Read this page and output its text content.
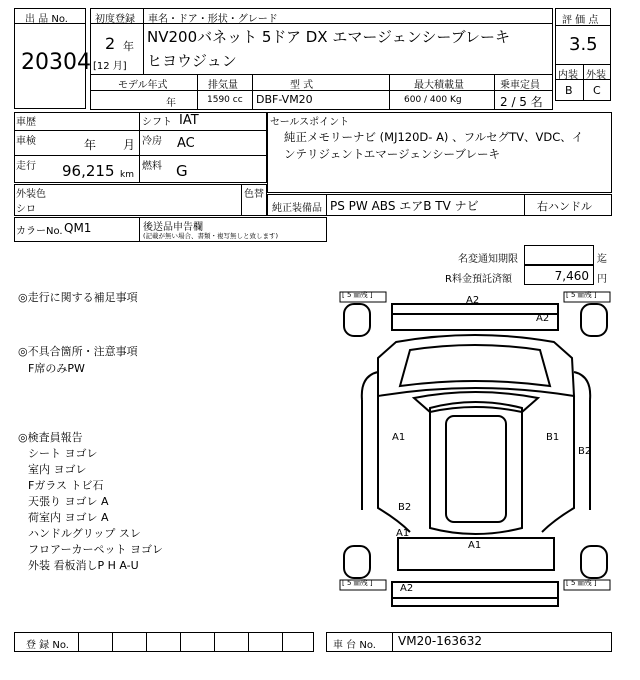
出 品 No.
20304
初度登録
2 年
[12 月]
車名・ドア・形状・グレード
NV200バネット 5ドア DX エマージェンシーブレーキ
ヒヨウジュン
評 価 点
3.5
内装 外装
B C
モデル年式	排気量	型 式	最大積載量	乗車定員
年	1590 cc DBF-VM20	600 / 400 Kg	2 / 5 名
車歴	シフト IAT
車検	年 月 冷房 AC
走行 96,215 km
燃料 G
外装色
シロ
色替
カラーNo. QM1	後送品申告欄
(記載が無い場合、書類・複写無しと致します)
セールスポイント
純正メモリーナビ (MJ120D- A) 、フルセグTV、VDC、イ
ンテリジェントエマージェンシーブレーキ
純正装備品 PS PW ABS エアB TV ナビ	右ハンドル
名変通知期限	迄
R料金預託済額	7,460 円
◎走行に関する補足事項
◎不具合箇所・注意事項
F席のみPW
◎検査員報告
シート ヨゴレ
室内 ヨゴレ
Fガラス トビ石
天張り ヨゴレ A
荷室内 ヨゴレ A
ハンドルグリップ スレ
フロアーカーペット ヨゴレ
外装 看板消しP H A-U
[ 5 ㎜残 ]	[ 5 ㎜残 ]
[ 5 ㎜残 ]	[ 5 ㎜残 ]
A2
A2
A1	B1
B2
B2
A1
A1
A2
登 録 No.	車 台 No. VM20-163632
